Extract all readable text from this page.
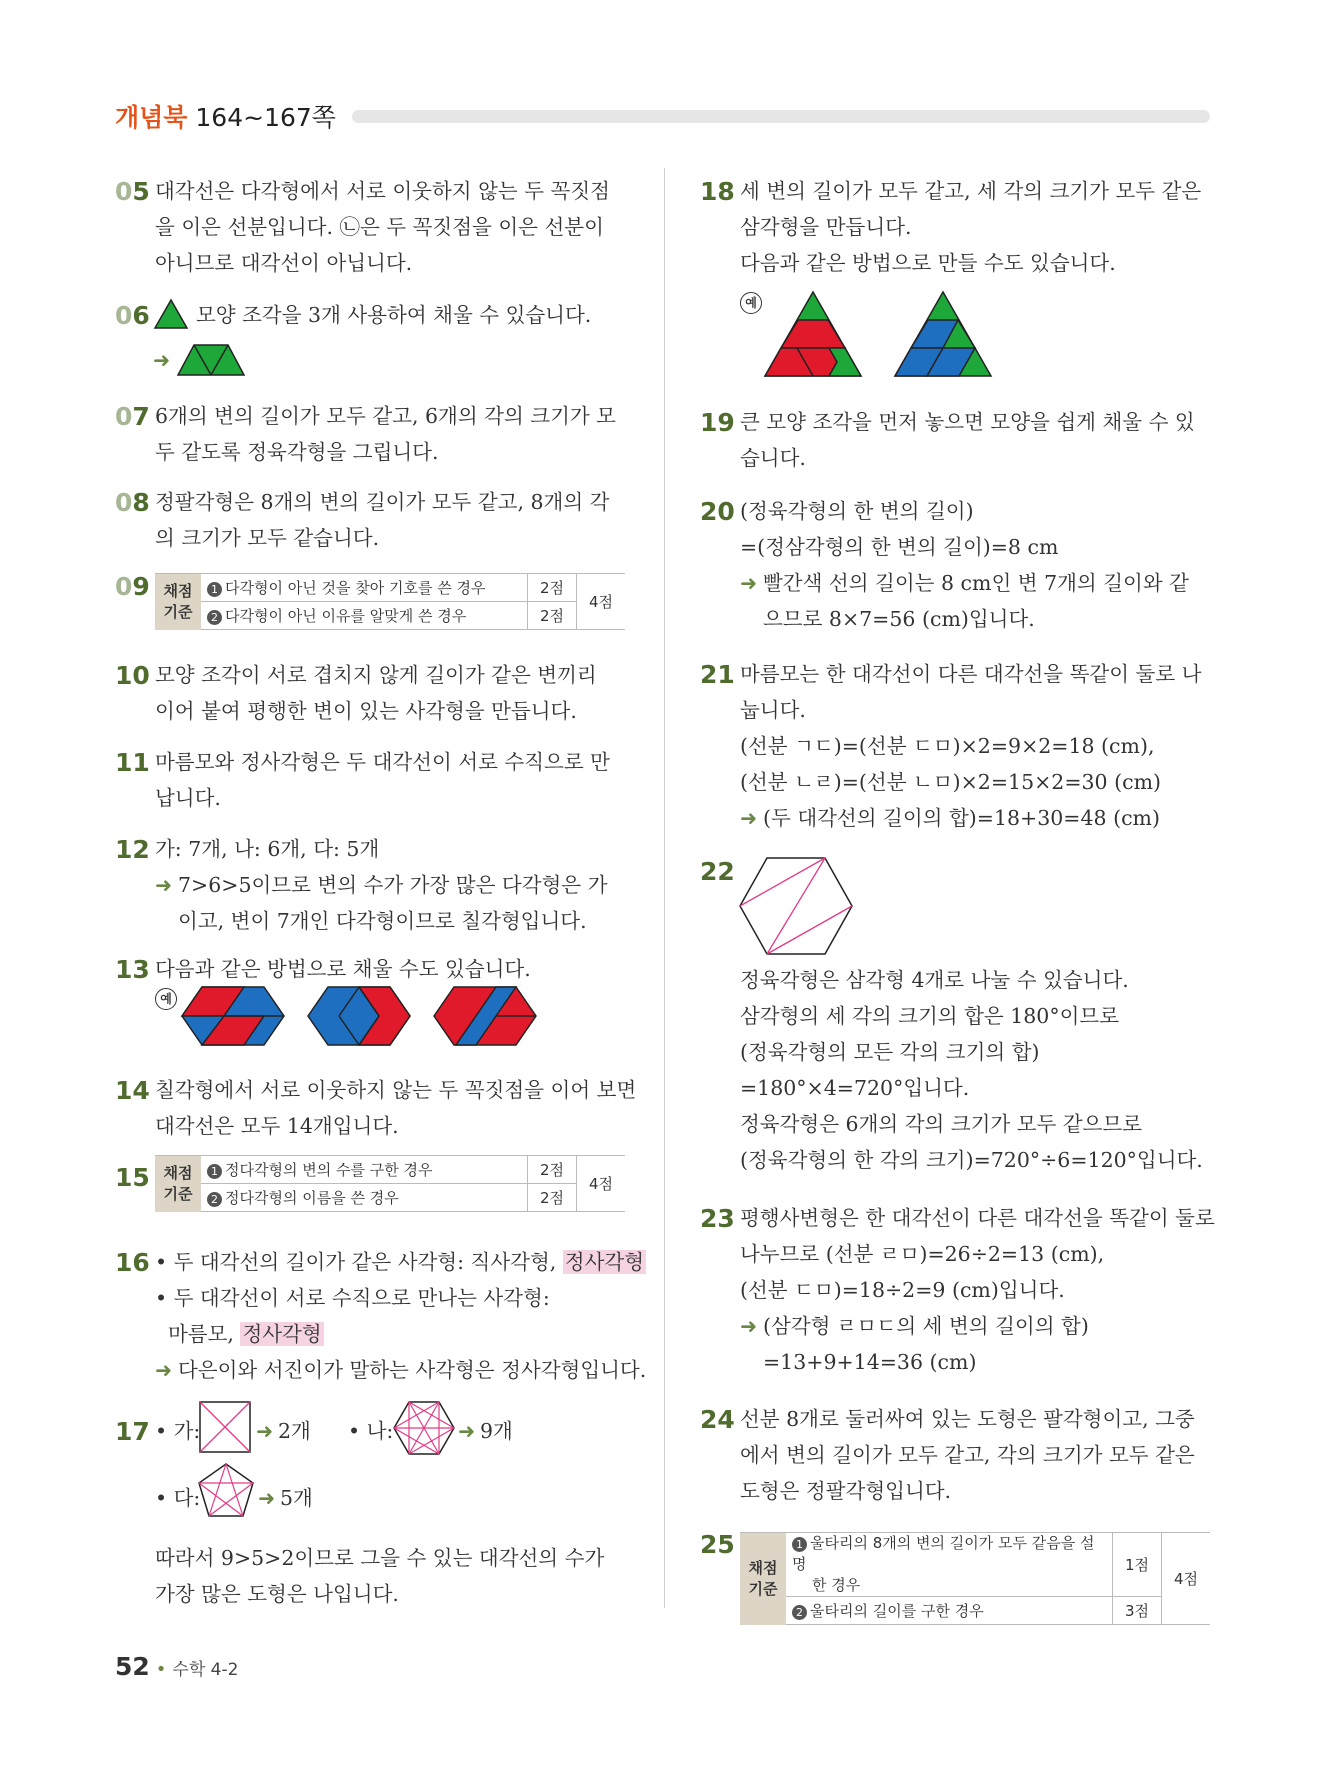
개념북 164~167쪽
05 대각선은 다각형에서 서로 이웃하지 않는 두 꼭짓점
을 이은 선분입니다. ㉡은 두 꼭짓점을 이은 선분이
아니므로 대각선이 아닙니다.
06 모양 조각을 3개 사용하여 채울 수 있습니다.
➜
07 6개의 변의 길이가 모두 같고, 6개의 각의 크기가 모
두 같도록 정육각형을 그립니다.
08 정팔각형은 8개의 변의 길이가 모두 같고, 8개의 각
의 크기가 모두 같습니다.
09 채점
기준	1 다각형이 아닌 것을 찾아 기호를 쓴 경우	2점	4점
	2 다각형이 아닌 이유를 알맞게 쓴 경우	2점	
10 모양 조각이 서로 겹치지 않게 길이가 같은 변끼리
이어 붙여 평행한 변이 있는 사각형을 만듭니다.
11 마름모와 정사각형은 두 대각선이 서로 수직으로 만
납니다.
12 가: 7개, 나: 6개, 다: 5개
➜ 7>6>5이므로 변의 수가 가장 많은 다각형은 가
이고, 변이 7개인 다각형이므로 칠각형입니다.
13 다음과 같은 방법으로 채울 수도 있습니다.
예
14 칠각형에서 서로 이웃하지 않는 두 꼭짓점을 이어 보면
대각선은 모두 14개입니다.
15 채점
기준	1 정다각형의 변의 수를 구한 경우	2점	4점
	2 정다각형의 이름을 쓴 경우	2점	
16 • 두 대각선의 길이가 같은 사각형: 직사각형, 정사각형
• 두 대각선이 서로 수직으로 만나는 사각형:
마름모, 정사각형
➜ 다은이와 서진이가 말하는 사각형은 정사각형입니다.
17 • 가:	➜ 2개 • 나:	➜ 9개
• 다:	➜ 5개
따라서 9>5>2이므로 그을 수 있는 대각선의 수가
가장 많은 도형은 나입니다.
18 세 변의 길이가 모두 같고, 세 각의 크기가 모두 같은
삼각형을 만듭니다.
다음과 같은 방법으로 만들 수도 있습니다.
예
19 큰 모양 조각을 먼저 놓으면 모양을 쉽게 채울 수 있
습니다.
20 (정육각형의 한 변의 길이)
=(정삼각형의 한 변의 길이)=8 cm
➜ 빨간색 선의 길이는 8 cm인 변 7개의 길이와 같
으므로 8×7=56 (cm)입니다.
21 마름모는 한 대각선이 다른 대각선을 똑같이 둘로 나
눕니다.
(선분 ㄱㄷ)=(선분 ㄷㅁ)×2=9×2=18 (cm),
(선분 ㄴㄹ)=(선분 ㄴㅁ)×2=15×2=30 (cm)
➜ (두 대각선의 길이의 합)=18+30=48 (cm)
22
정육각형은 삼각형 4개로 나눌 수 있습니다.
삼각형의 세 각의 크기의 합은 180°이므로
(정육각형의 모든 각의 크기의 합)
=180°×4=720°입니다.
정육각형은 6개의 각의 크기가 모두 같으므로
(정육각형의 한 각의 크기)=720°÷6=120°입니다.
23 평행사변형은 한 대각선이 다른 대각선을 똑같이 둘로
나누므로 (선분 ㄹㅁ)=26÷2=13 (cm),
(선분 ㄷㅁ)=18÷2=9 (cm)입니다.
➜ (삼각형 ㄹㅁㄷ의 세 변의 길이의 합)
=13+9+14=36 (cm)
24 선분 8개로 둘러싸여 있는 도형은 팔각형이고, 그중
에서 변의 길이가 모두 같고, 각의 크기가 모두 같은
도형은 정팔각형입니다.
25
채점
기준	1 울타리의 8개의 변의 길이가 모두 같음을 설명
한 경우	1점	4점
	2 울타리의 길이를 구한 경우	3점	
52 • 수학 4-2
